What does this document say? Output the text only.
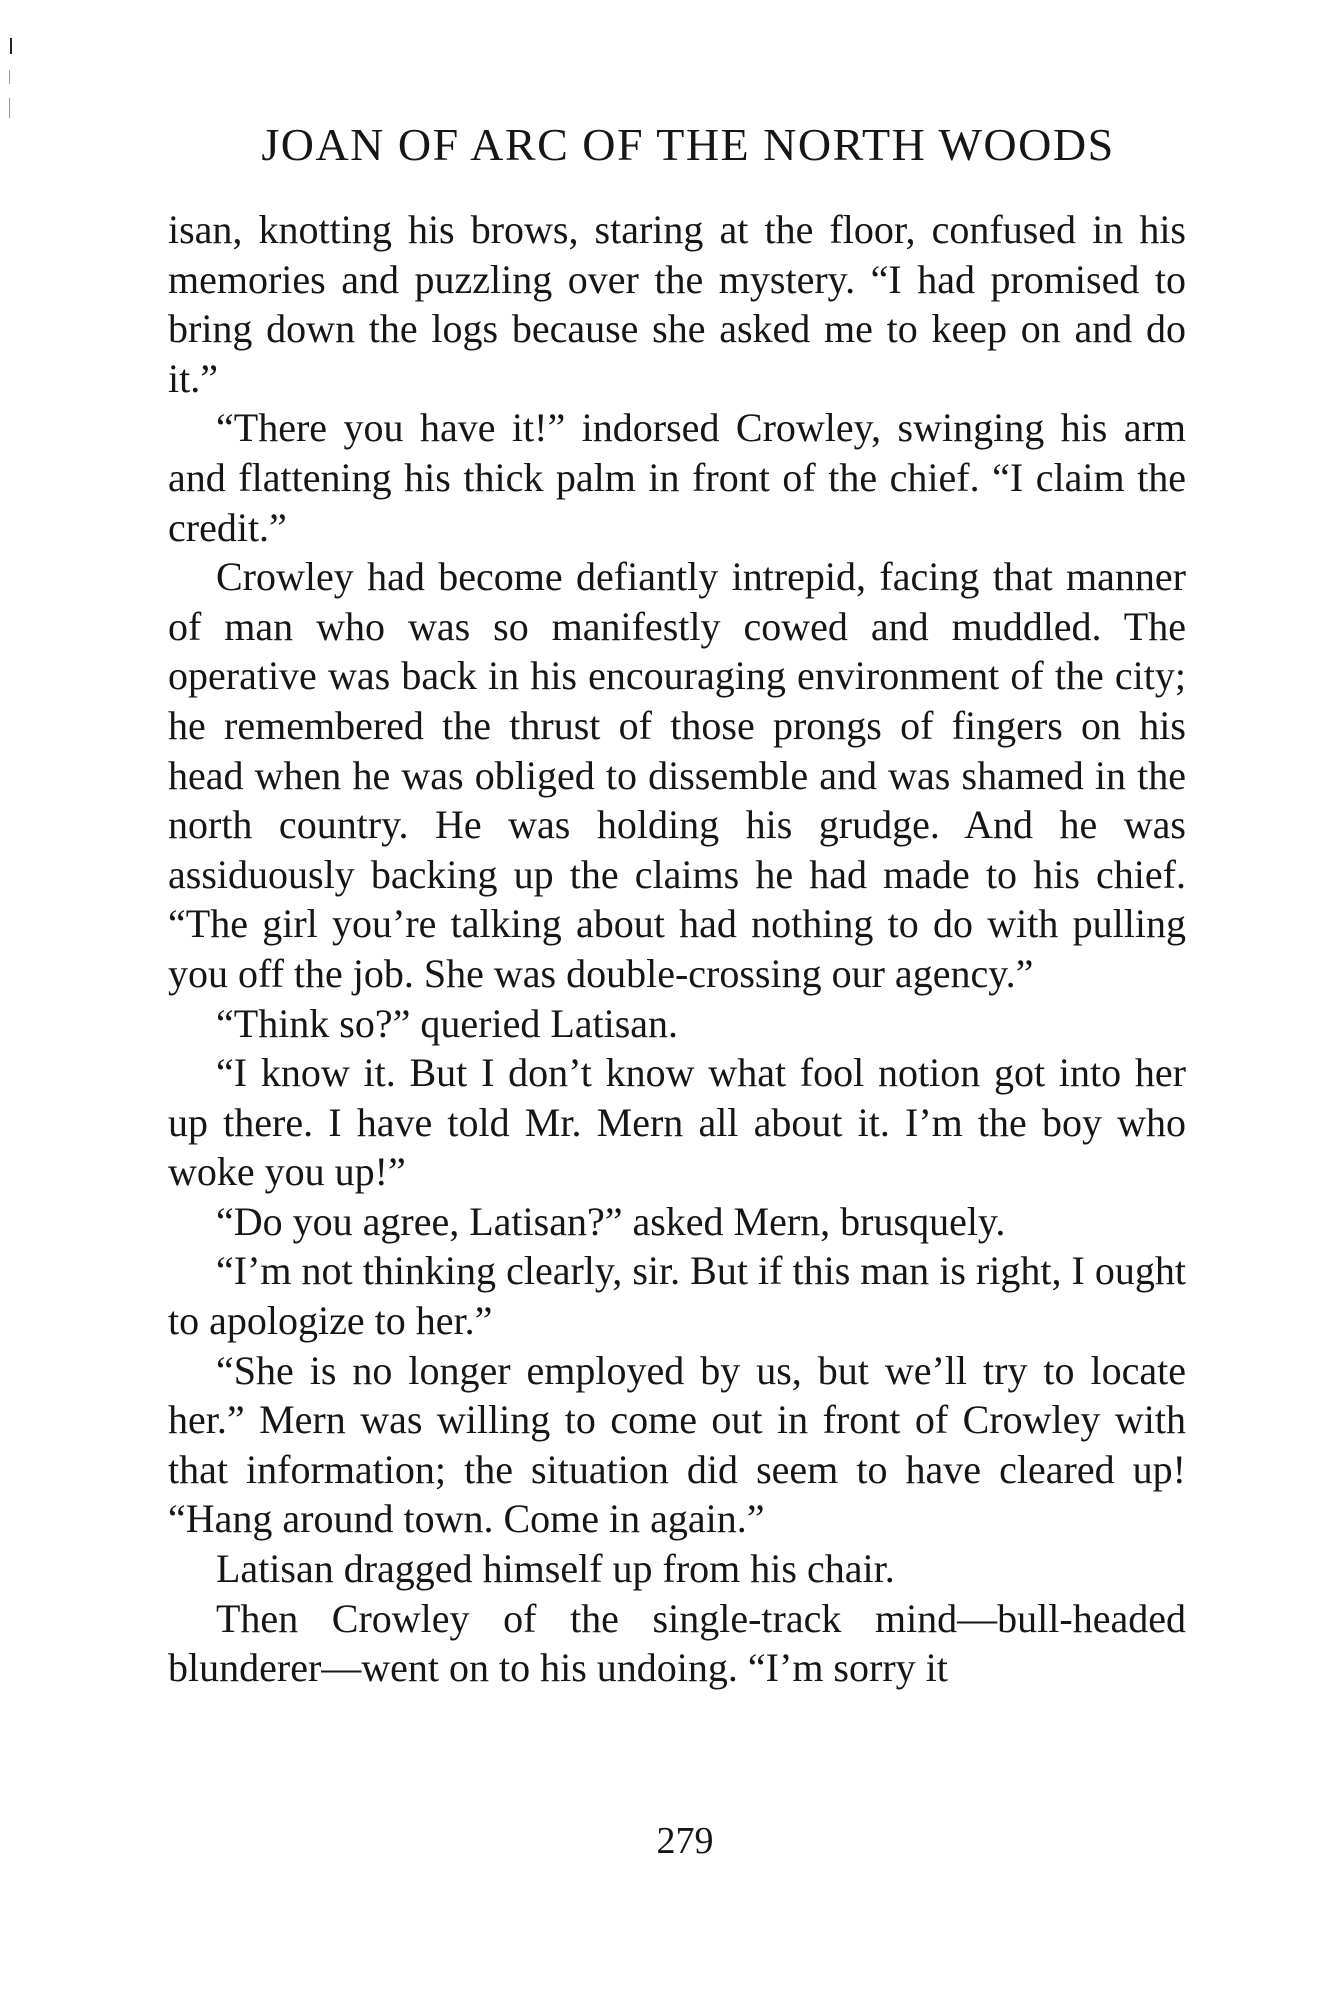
JOAN OF ARC OF THE NORTH WOODS

isan, knotting his brows, staring at the floor, confused in his memories and puzzling over the mystery. “I had promised to bring down the logs because she asked me to keep on and do it.”

“There you have it!” indorsed Crowley, swinging his arm and flattening his thick palm in front of the chief. “I claim the credit.”

Crowley had become defiantly intrepid, facing that manner of man who was so manifestly cowed and muddled. The operative was back in his encouraging environment of the city; he remembered the thrust of those prongs of fingers on his head when he was obliged to dissemble and was shamed in the north country. He was holding his grudge. And he was assiduously backing up the claims he had made to his chief. “The girl you’re talking about had nothing to do with pulling you off the job. She was double-crossing our agency.”

“Think so?” queried Latisan.

“I know it. But I don’t know what fool notion got into her up there. I have told Mr. Mern all about it. I’m the boy who woke you up!”

“Do you agree, Latisan?” asked Mern, brusquely.

“I’m not thinking clearly, sir. But if this man is right, I ought to apologize to her.”

“She is no longer employed by us, but we’ll try to locate her.” Mern was willing to come out in front of Crowley with that information; the situation did seem to have cleared up! “Hang around town. Come in again.”

Latisan dragged himself up from his chair.

Then Crowley of the single-track mind—bull-headed blunderer—went on to his undoing. “I’m sorry it

279
